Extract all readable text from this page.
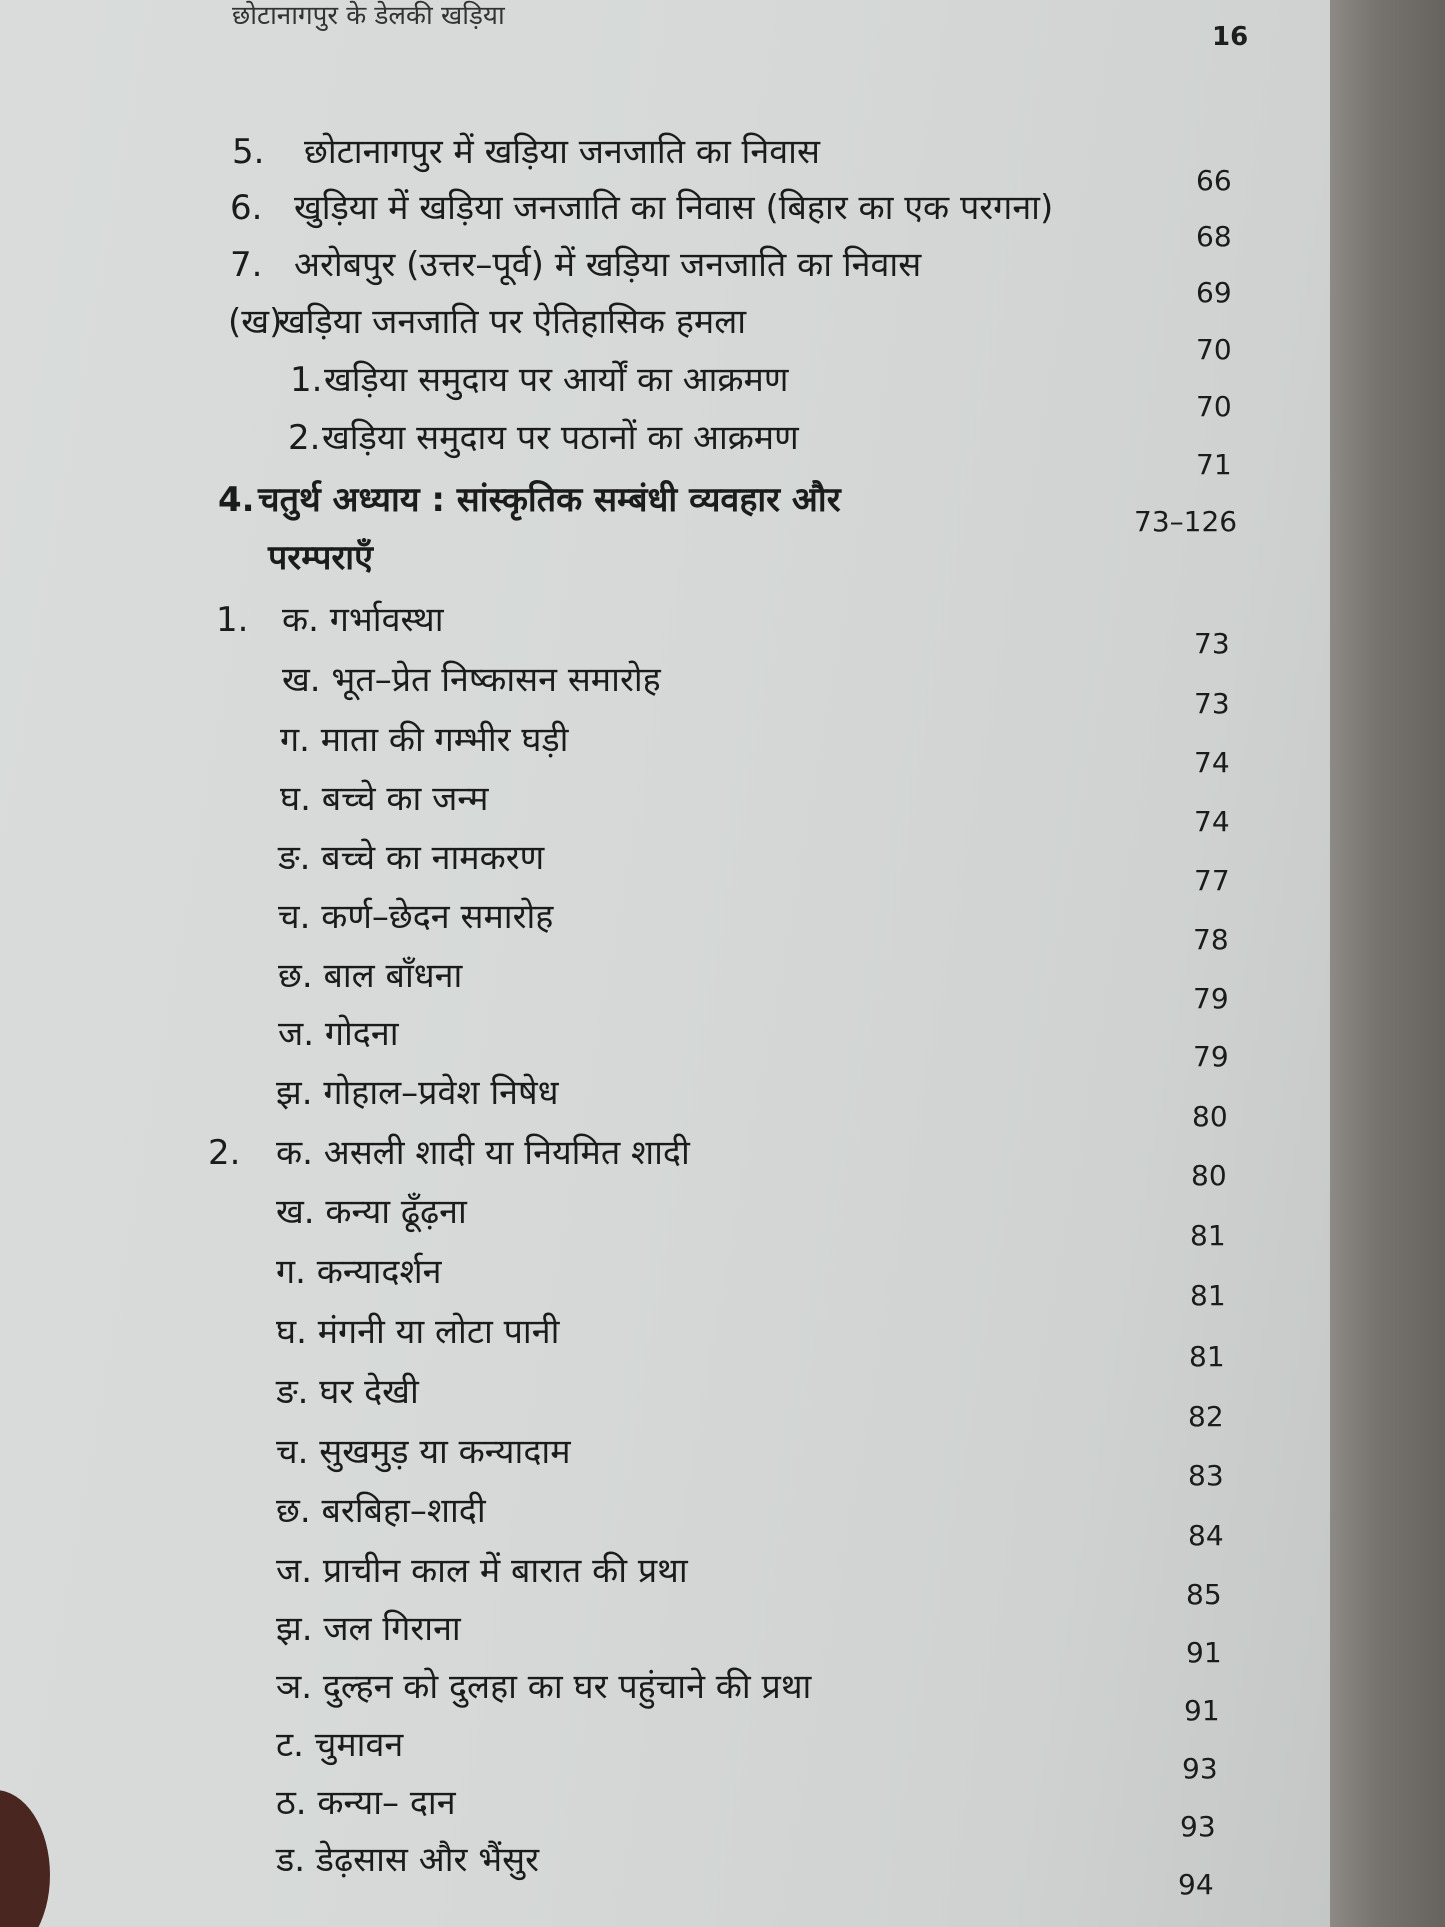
छोटानागपुर के डेलकी खड़िया
16
5. छोटानागपुर में खड़िया जनजाति का निवास
66
6. खुड़िया में खड़िया जनजाति का निवास (बिहार का एक परगना)
68
7. अरोबपुर (उत्तर–पूर्व) में खड़िया जनजाति का निवास
69
(ख)खड़िया जनजाति पर ऐतिहासिक हमला
70
1.खड़िया समुदाय पर आर्यों का आक्रमण
70
2.खड़िया समुदाय पर पठानों का आक्रमण
71
4. चतुर्थ अध्याय : सांस्कृतिक सम्बंधी व्यवहार और
परम्पराएँ
73–126
1. क. गर्भावस्था
73
ख. भूत–प्रेत निष्कासन समारोह
73
ग. माता की गम्भीर घड़ी
74
घ. बच्चे का जन्म
74
ङ. बच्चे का नामकरण
77
च. कर्ण–छेदन समारोह
78
छ. बाल बाँधना
79
ज. गोदना
79
झ. गोहाल–प्रवेश निषेध
80
2. क. असली शादी या नियमित शादी
80
ख. कन्या ढूँढ़ना
81
ग. कन्यादर्शन
81
घ. मंगनी या लोटा पानी
81
ङ. घर देखी
82
च. सुखमुड़ या कन्यादाम
83
छ. बरबिहा–शादी
84
ज. प्राचीन काल में बारात की प्रथा
85
झ. जल गिराना
91
ञ. दुल्हन को दुलहा का घर पहुंचाने की प्रथा
91
ट. चुमावन
93
ठ. कन्या– दान
93
ड. डेढ़सास और भैंसुर
94
